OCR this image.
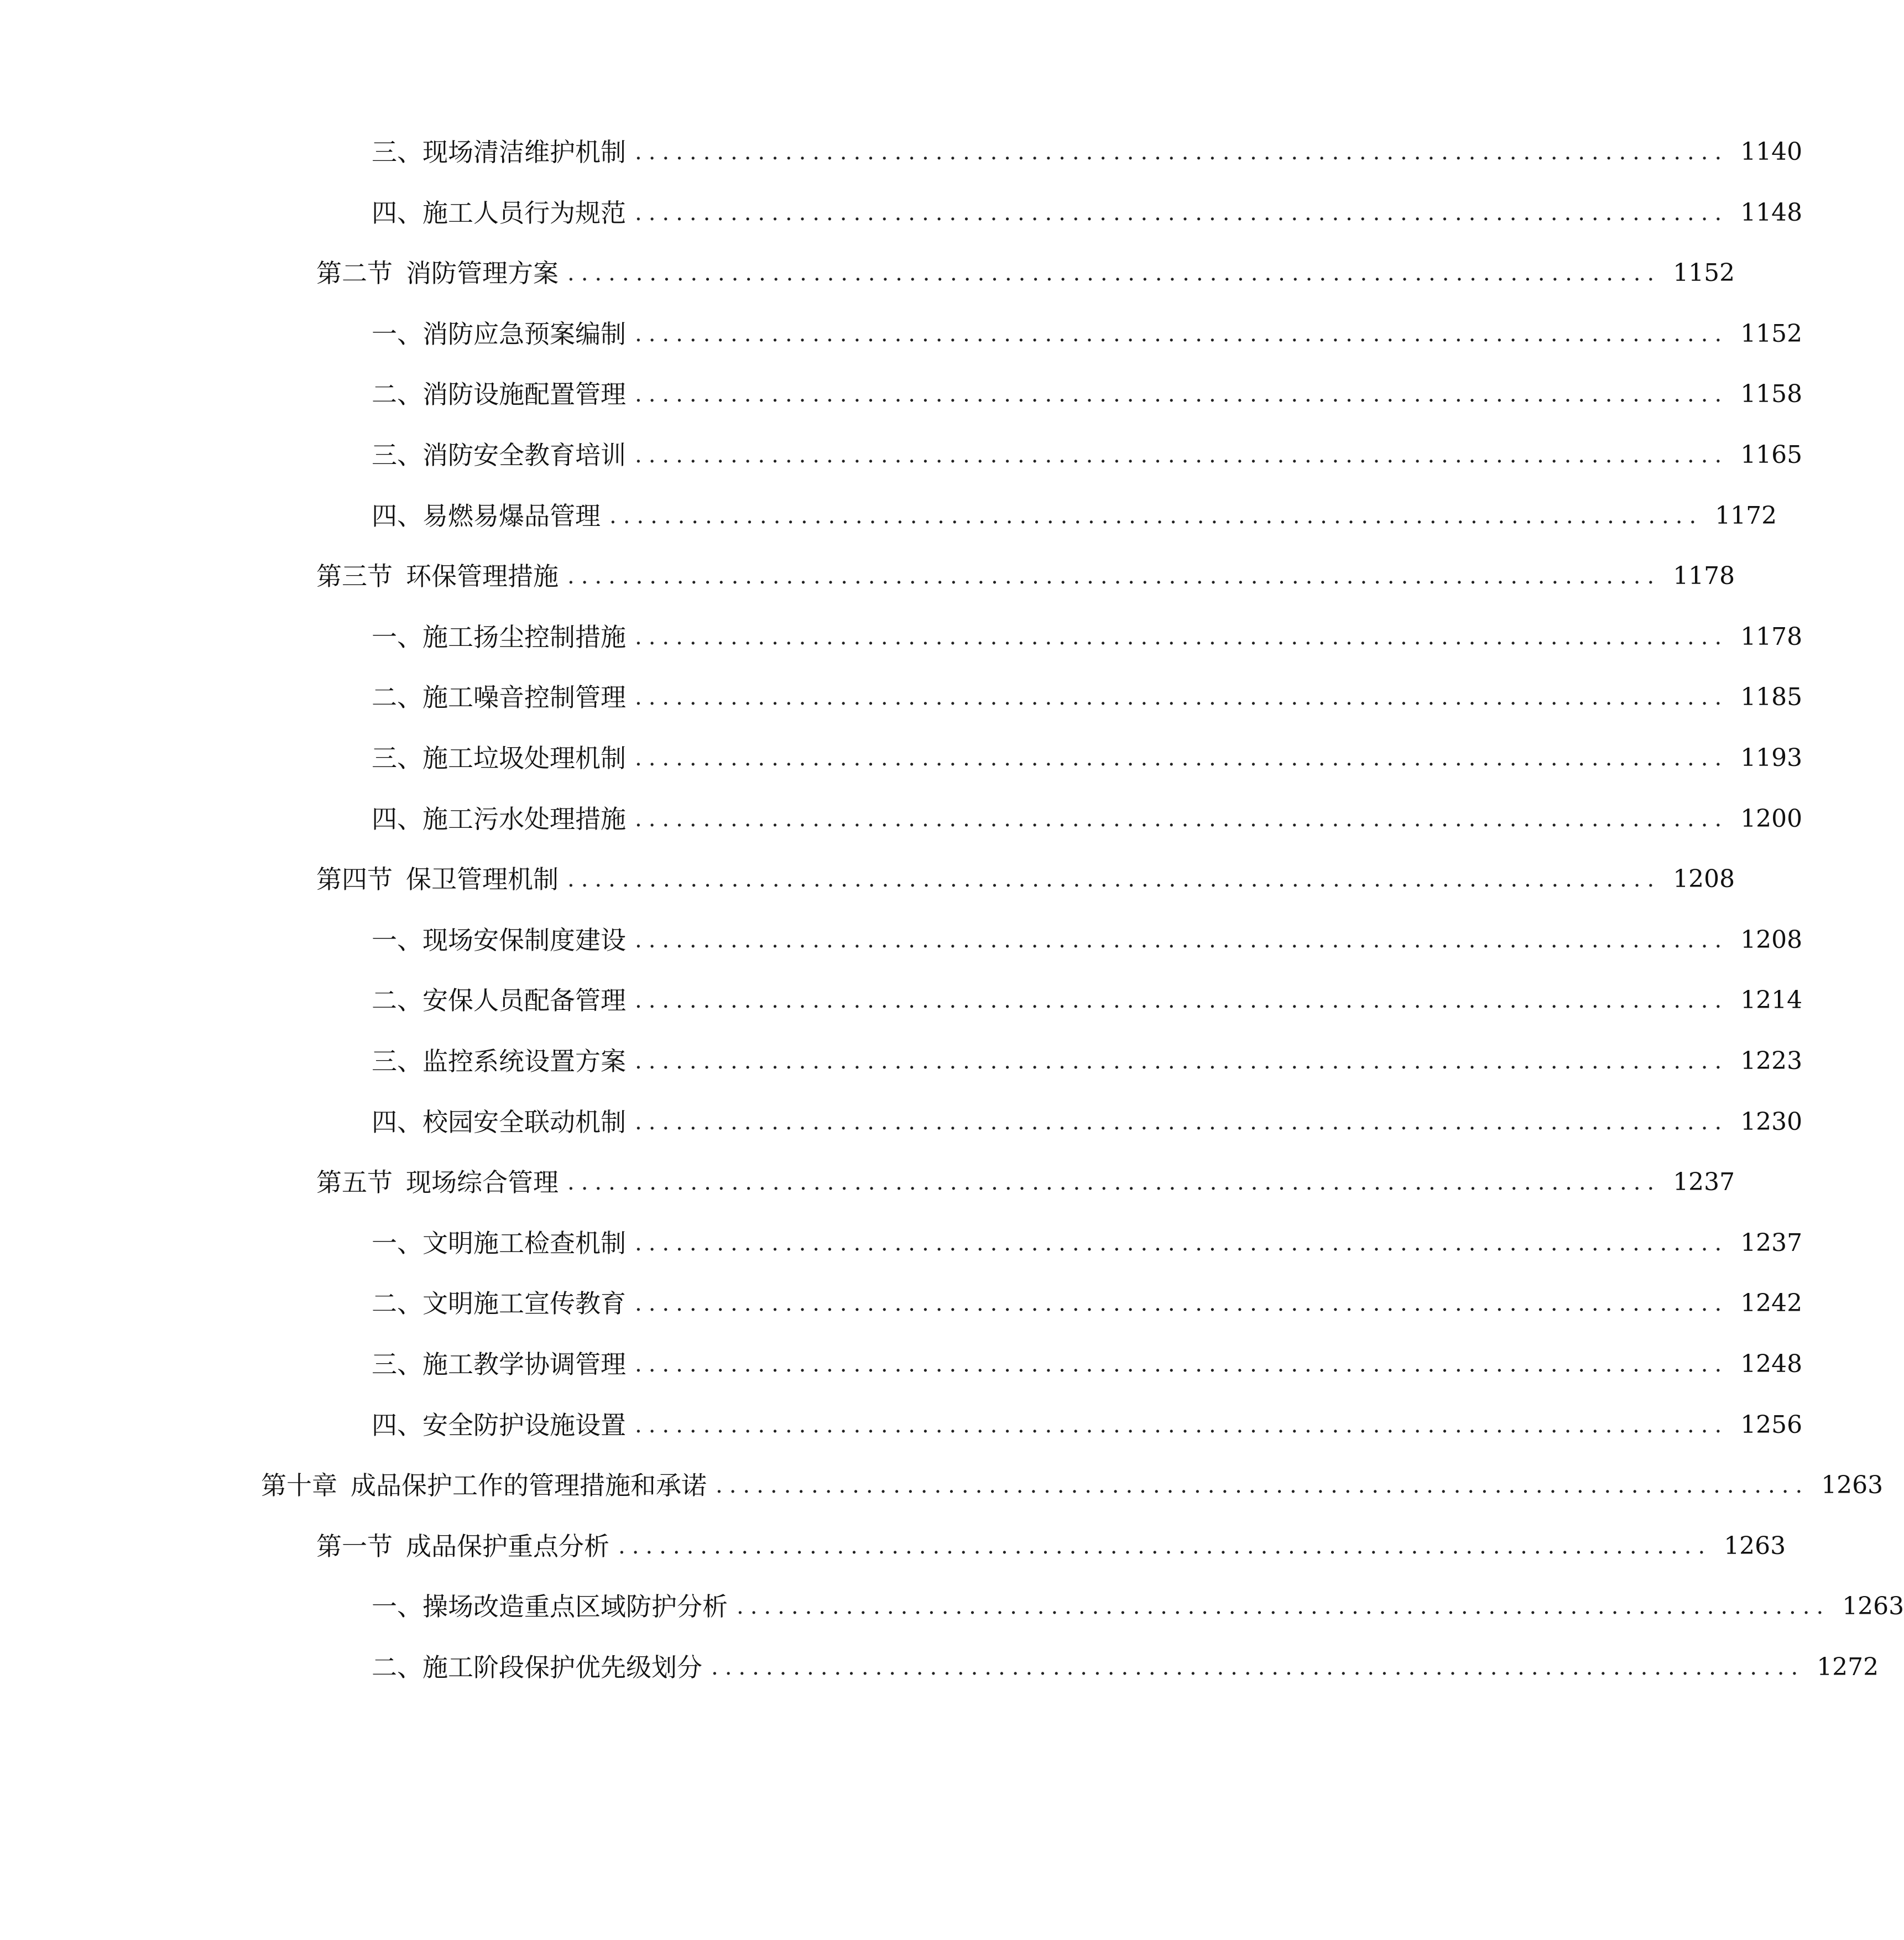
三、 现场清洁维护机制 ................................................................................ 1140
四、 施工人员行为规范 ................................................................................ 1148
第二节 消防管理方案 ................................................................................ 1152
一、 消防应急预案编制 ................................................................................ 1152
二、 消防设施配置管理 ................................................................................ 1158
三、 消防安全教育培训 ................................................................................ 1165
四、 易燃易爆品管理 ................................................................................ 1172
第三节 环保管理措施 ................................................................................ 1178
一、 施工扬尘控制措施 ................................................................................ 1178
二、 施工噪音控制管理 ................................................................................ 1185
三、 施工垃圾处理机制 ................................................................................ 1193
四、 施工污水处理措施 ................................................................................ 1200
第四节 保卫管理机制 ................................................................................ 1208
一、 现场安保制度建设 ................................................................................ 1208
二、 安保人员配备管理 ................................................................................ 1214
三、 监控系统设置方案 ................................................................................ 1223
四、 校园安全联动机制 ................................................................................ 1230
第五节 现场综合管理 ................................................................................ 1237
一、 文明施工检查机制 ................................................................................ 1237
二、 文明施工宣传教育 ................................................................................ 1242
三、 施工教学协调管理 ................................................................................ 1248
四、 安全防护设施设置 ................................................................................ 1256
第十章 成品保护工作的管理措施和承诺 ................................................................................ 1263
第一节 成品保护重点分析 ................................................................................ 1263
一、 操场改造重点区域防护分析 ................................................................................ 1263
二、 施工阶段保护优先级划分 ................................................................................ 1272
